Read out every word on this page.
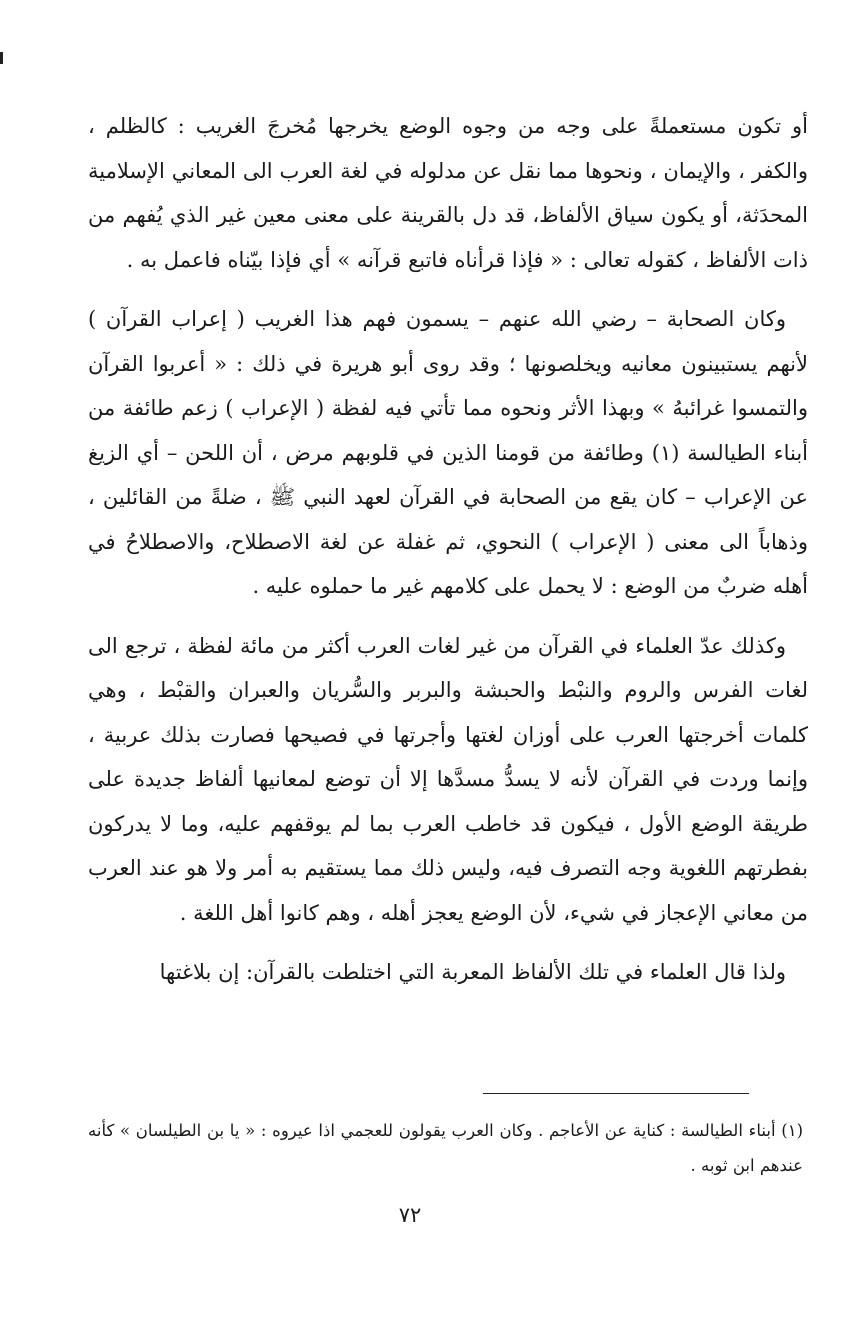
أو تكون مستعملةً على وجه من وجوه الوضع يخرجها مُخرجَ الغريب : كالظلم ، والكفر ، والإيمان ، ونحوها مما نقل عن مدلوله في لغة العرب الى المعاني الإسلامية المحدَثة، أو يكون سياق الألفاظ، قد دل بالقرينة على معنى معين غير الذي يُفهم من ذات الألفاظ ، كقوله تعالى : « فإذا قرأناه فاتبع قرآنه » أي فإذا بيّناه فاعمل به .

وكان الصحابة – رضي الله عنهم – يسمون فهم هذا الغريب ( إعراب القرآن ) لأنهم يستبينون معانيه ويخلصونها ؛ وقد روى أبو هريرة في ذلك : « أعربوا القرآن والتمسوا غرائبهُ » وبهذا الأثر ونحوه مما تأتي فيه لفظة ( الإعراب ) زعم طائفة من أبناء الطيالسة (١) وطائفة من قومنا الذين في قلوبهم مرض ، أن اللحن – أي الزيغ عن الإعراب – كان يقع من الصحابة في القرآن لعهد النبي ﷺ ، ضلةً من القائلين ، وذهاباً الى معنى ( الإعراب ) النحوي، ثم غفلة عن لغة الاصطلاح، والاصطلاحُ في أهله ضربٌ من الوضع : لا يحمل على كلامهم غير ما حملوه عليه .

وكذلك عدّ العلماء في القرآن من غير لغات العرب أكثر من مائة لفظة ، ترجع الى لغات الفرس والروم والنبْط والحبشة والبربر والسُّريان والعبران والقبْط ، وهي كلمات أخرجتها العرب على أوزان لغتها وأجرتها في فصيحها فصارت بذلك عربية ، وإنما وردت في القرآن لأنه لا يسدُّ مسدَّها إلا أن توضع لمعانيها ألفاظ جديدة على طريقة الوضع الأول ، فيكون قد خاطب العرب بما لم يوقفهم عليه، وما لا يدركون بفطرتهم اللغوية وجه التصرف فيه، وليس ذلك مما يستقيم به أمر ولا هو عند العرب من معاني الإعجاز في شيء، لأن الوضع يعجز أهله ، وهم كانوا أهل اللغة .

ولذا قال العلماء في تلك الألفاظ المعربة التي اختلطت بالقرآن: إن بلاغتها

(١) أبناء الطيالسة : كناية عن الأعاجم . وكان العرب يقولون للعجمي اذا عيروه : « يا بن الطيلسان » كأنه عندهم ابن ثوبه .

٧٢
